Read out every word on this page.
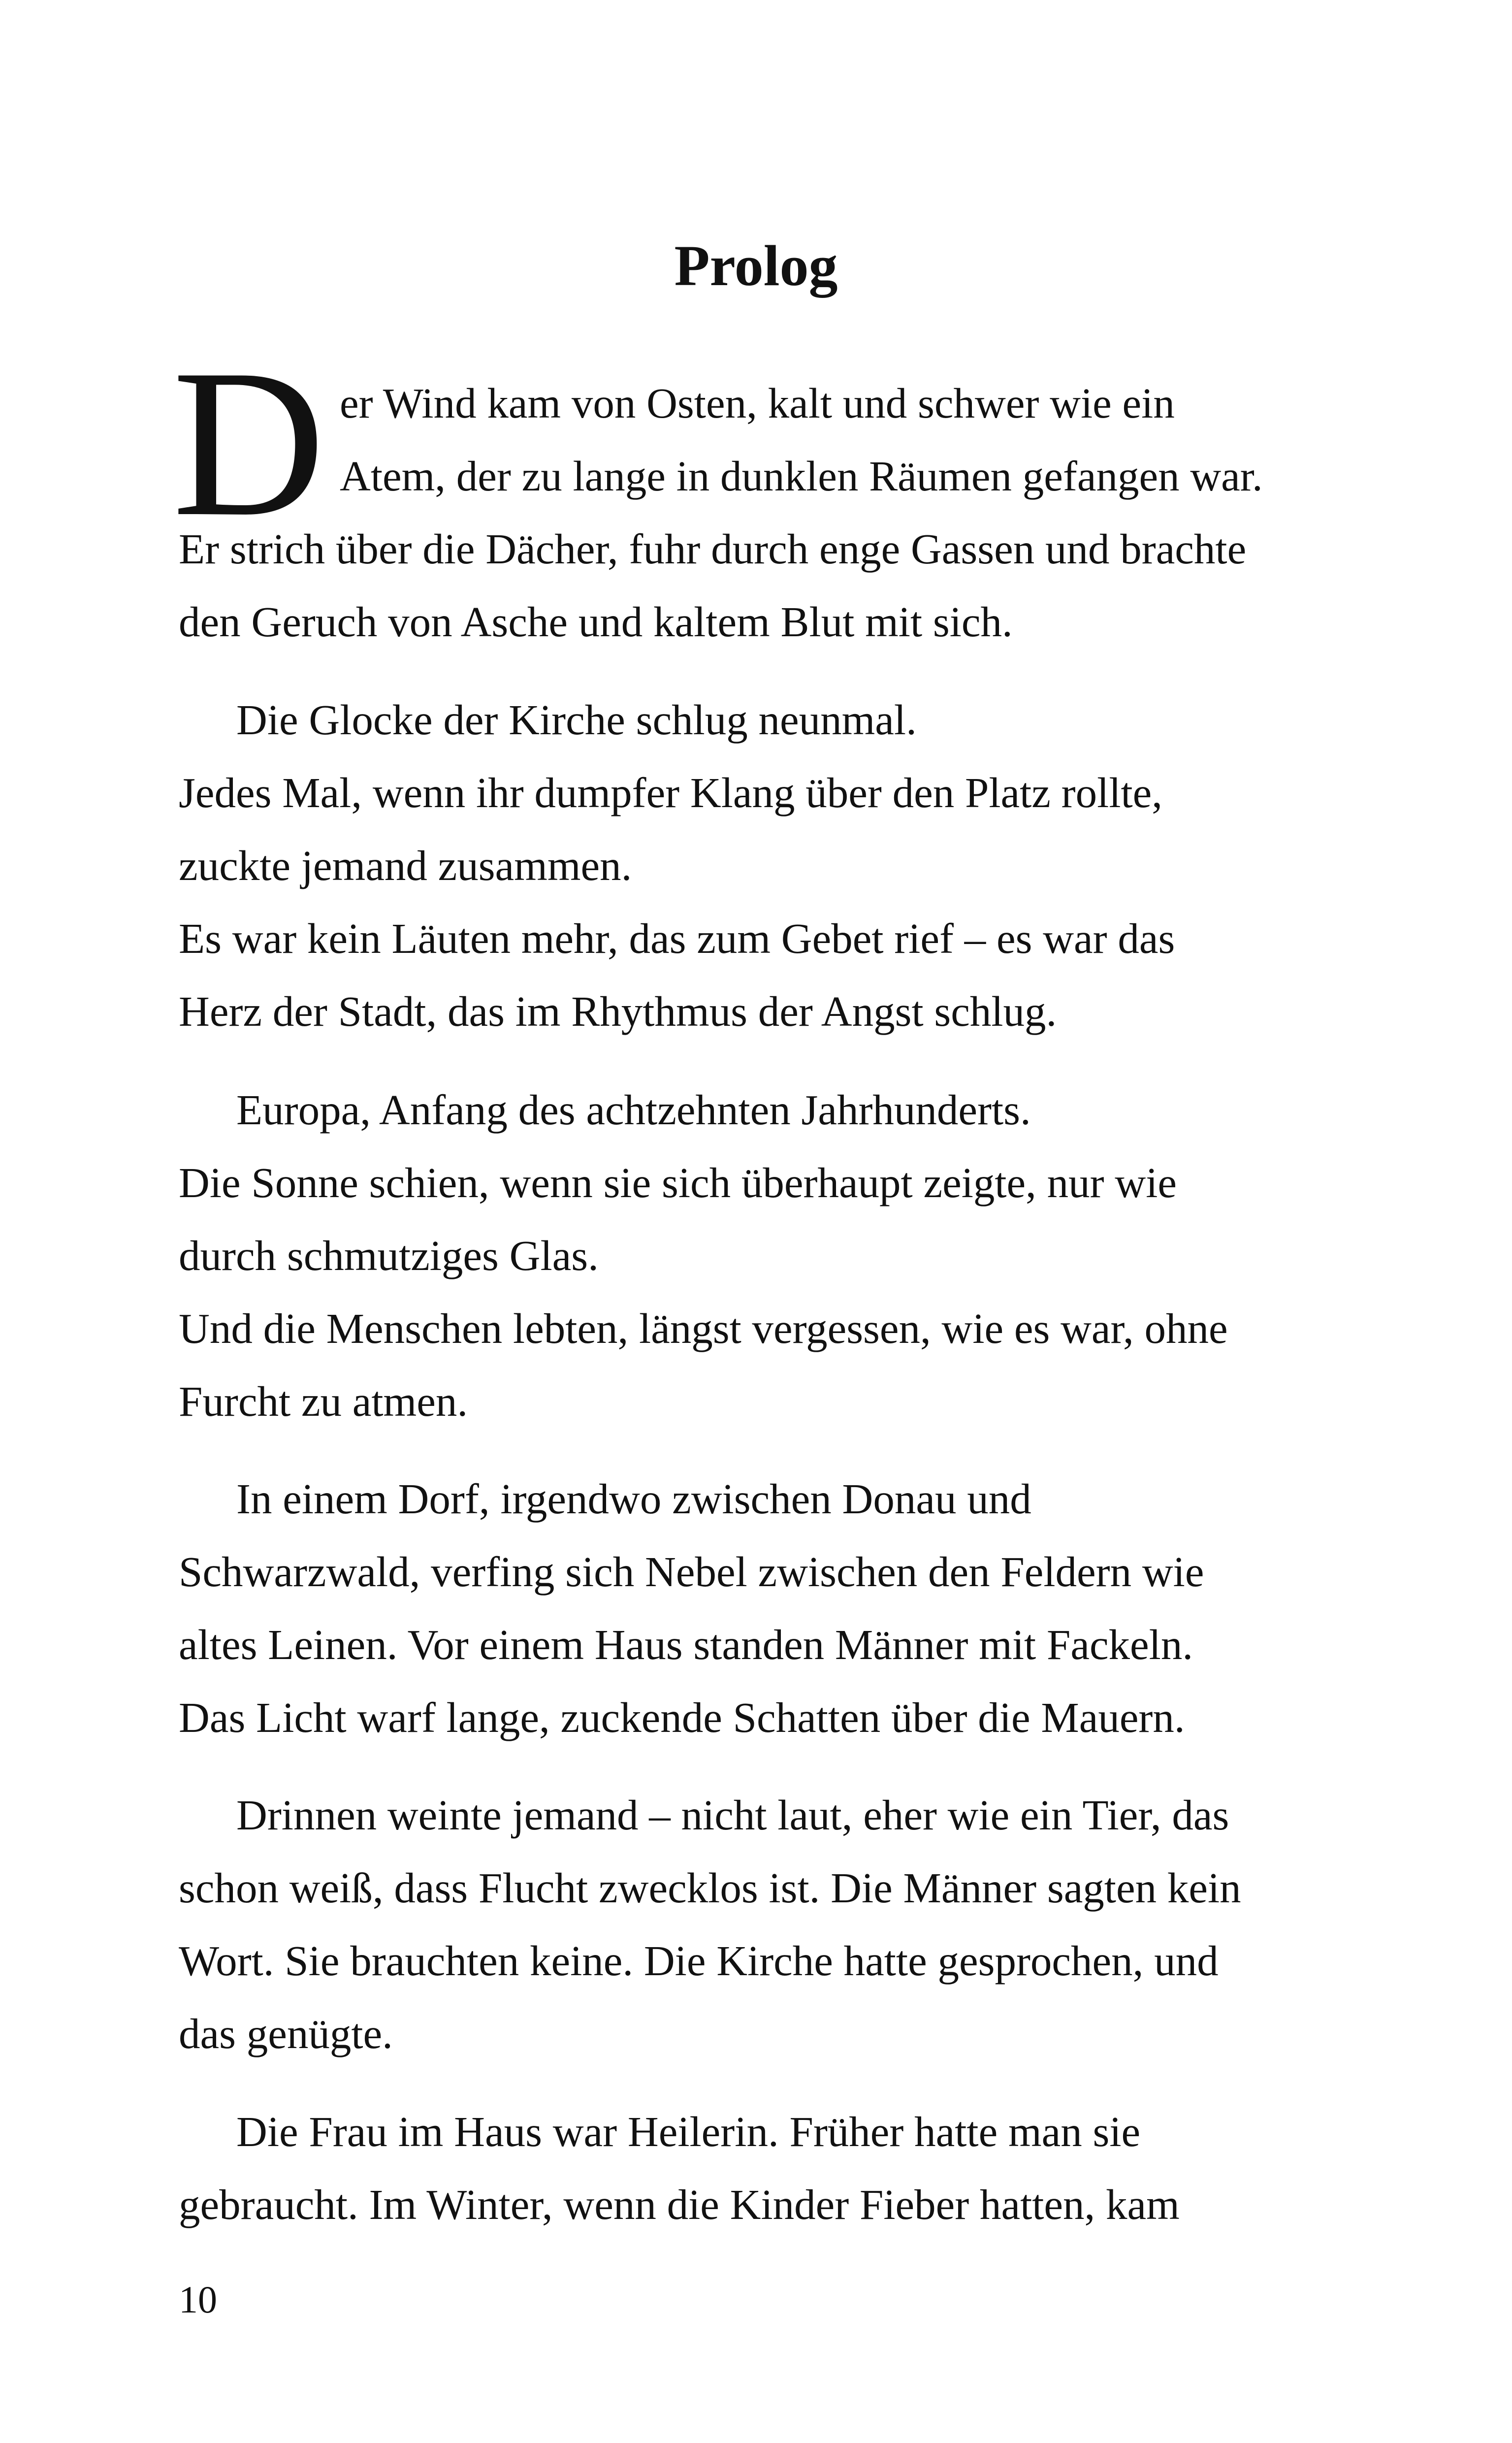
Prolog
D er Wind kam von Osten, kalt und schwer wie ein
Atem, der zu lange in dunklen Räumen gefangen war.
Er strich über die Dächer, fuhr durch enge Gassen und brachte
den Geruch von Asche und kaltem Blut mit sich.
Die Glocke der Kirche schlug neunmal.
Jedes Mal, wenn ihr dumpfer Klang über den Platz rollte,
zuckte jemand zusammen.
Es war kein Läuten mehr, das zum Gebet rief – es war das
Herz der Stadt, das im Rhythmus der Angst schlug.
Europa, Anfang des achtzehnten Jahrhunderts.
Die Sonne schien, wenn sie sich überhaupt zeigte, nur wie
durch schmutziges Glas.
Und die Menschen lebten, längst vergessen, wie es war, ohne
Furcht zu atmen.
In einem Dorf, irgendwo zwischen Donau und
Schwarzwald, verfing sich Nebel zwischen den Feldern wie
altes Leinen. Vor einem Haus standen Männer mit Fackeln.
Das Licht warf lange, zuckende Schatten über die Mauern.
Drinnen weinte jemand – nicht laut, eher wie ein Tier, das
schon weiß, dass Flucht zwecklos ist. Die Männer sagten kein
Wort. Sie brauchten keine. Die Kirche hatte gesprochen, und
das genügte.
Die Frau im Haus war Heilerin. Früher hatte man sie
gebraucht. Im Winter, wenn die Kinder Fieber hatten, kam
10
